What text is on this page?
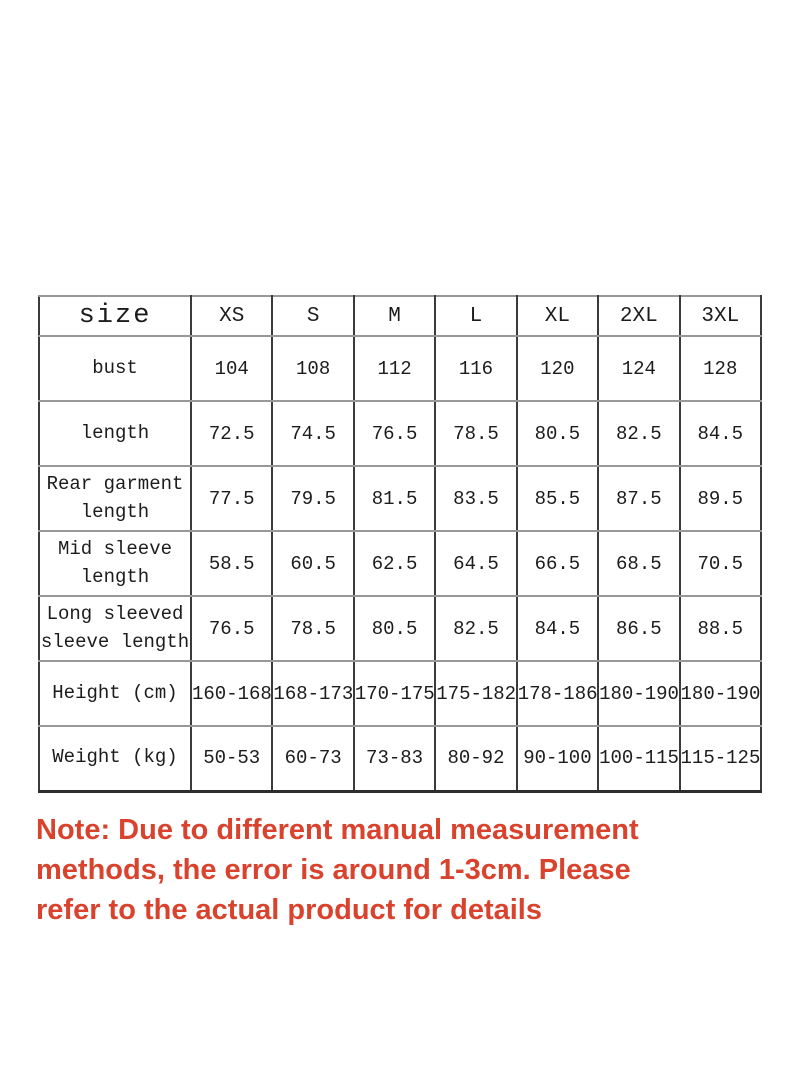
size	XS	S	M	L	XL	2XL	3XL
bust	104	108	112	116	120	124	128
length	72.5	74.5	76.5	78.5	80.5	82.5	84.5
Rear garment length	77.5	79.5	81.5	83.5	85.5	87.5	89.5
Mid sleeve length	58.5	60.5	62.5	64.5	66.5	68.5	70.5
Long sleeved sleeve length	76.5	78.5	80.5	82.5	84.5	86.5	88.5
Height (cm)	160-168	168-173	170-175	175-182	178-186	180-190	180-190
Weight (kg)	50-53	60-73	73-83	80-92	90-100	100-115	115-125
Note: Due to different manual measurement
methods, the error is around 1-3cm. Please
refer to the actual product for details
